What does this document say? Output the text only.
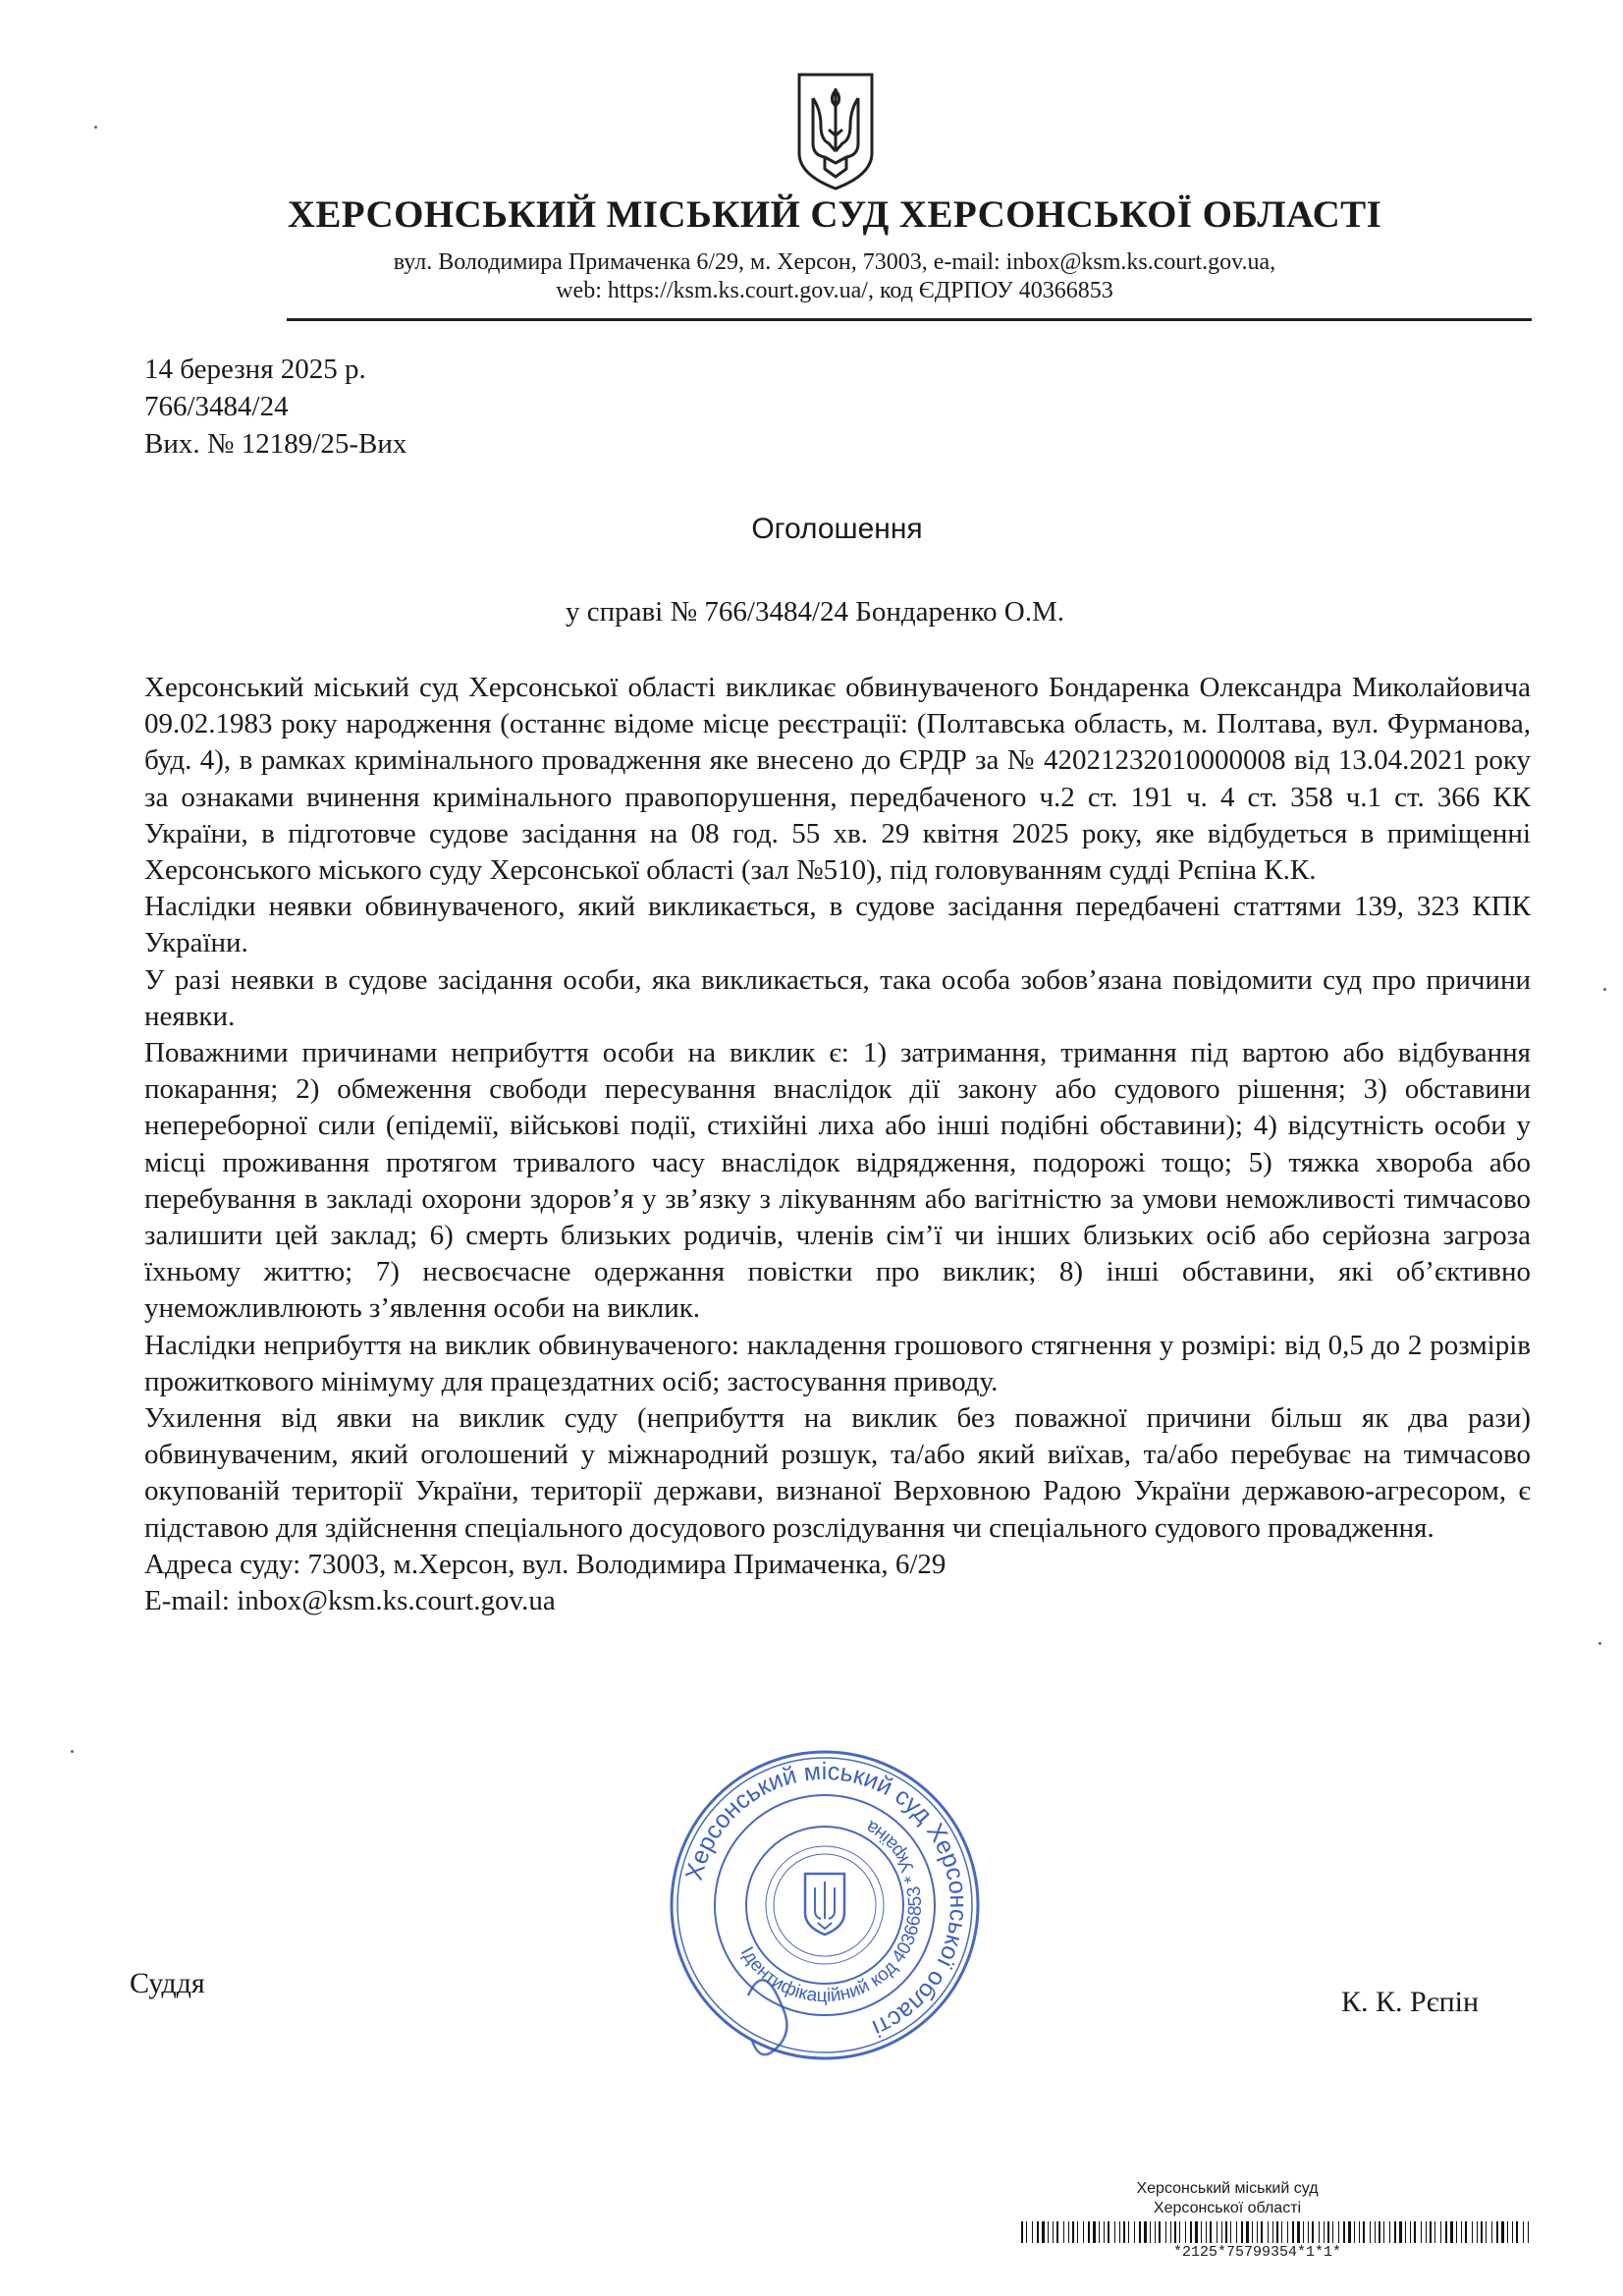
ХЕРСОНСЬКИЙ МІСЬКИЙ СУД ХЕРСОНСЬКОЇ ОБЛАСТІ
вул. Володимира Примаченка 6/29, м. Херсон, 73003, e-mail: inbox@ksm.ks.court.gov.ua,
web: https://ksm.ks.court.gov.ua/, код ЄДРПОУ 40366853
14 березня 2025 р.
766/3484/24
Вих. № 12189/25-Вих
Оголошення
у справі № 766/3484/24 Бондаренко О.М.

Херсонський міський суд Херсонської області викликає обвинуваченого Бондаренка Олександра Миколайовича 09.02.1983 року народження (останнє відоме місце реєстрації: (Полтавська область, м. Полтава, вул. Фурманова, буд. 4), в рамках кримінального провадження яке внесено до ЄРДР за № 42021232010000008 від 13.04.2021 року за ознаками вчинення кримінального правопорушення, передбаченого ч.2 ст. 191 ч. 4 ст. 358 ч.1 ст. 366 КК України, в підготовче судове засідання на 08 год. 55 хв. 29 квітня 2025 року, яке відбудеться в приміщенні Херсонського міського суду Херсонської області (зал №510), під головуванням судді Рєпіна К.К.

Наслідки неявки обвинуваченого, який викликається, в судове засідання передбачені статтями 139, 323 КПК України.

У разі неявки в судове засідання особи, яка викликається, така особа зобов’язана повідомити суд про причини неявки.

Поважними причинами неприбуття особи на виклик є: 1) затримання, тримання під вартою або відбування покарання; 2) обмеження свободи пересування внаслідок дії закону або судового рішення; 3) обставини непереборної сили (епідемії, військові події, стихійні лиха або інші подібні обставини); 4) відсутність особи у місці проживання протягом тривалого часу внаслідок відрядження, подорожі тощо; 5) тяжка хвороба або перебування в закладі охорони здоров’я у зв’язку з лікуванням або вагітністю за умови неможливості тимчасово залишити цей заклад; 6) смерть близьких родичів, членів сім’ї чи інших близьких осіб або серйозна загроза їхньому життю; 7) несвоєчасне одержання повістки про виклик; 8) інші обставини, які об’єктивно унеможливлюють з’явлення особи на виклик.

Наслідки неприбуття на виклик обвинуваченого: накладення грошового стягнення у розмірі: від 0,5 до 2 розмірів прожиткового мінімуму для працездатних осіб; застосування приводу.

Ухилення від явки на виклик суду (неприбуття на виклик без поважної причини більш як два рази) обвинуваченим, який оголошений у міжнародний розшук, та/або який виїхав, та/або перебуває на тимчасово окупованій території України, території держави, визнаної Верховною Радою України державою-агресором, є підставою для здійснення спеціального досудового розслідування чи спеціального судового провадження.

Адреса суду: 73003, м.Херсон, вул. Володимира Примаченка, 6/29

E-mail: inbox@ksm.ks.court.gov.ua

Херсонський міський суд Херсонської області
Ідентифікаційний код 40366853 * Україна
Суддя
К. К. Рєпін
Херсонський міський суд
Херсонської області
*2125*75799354*1*1*
